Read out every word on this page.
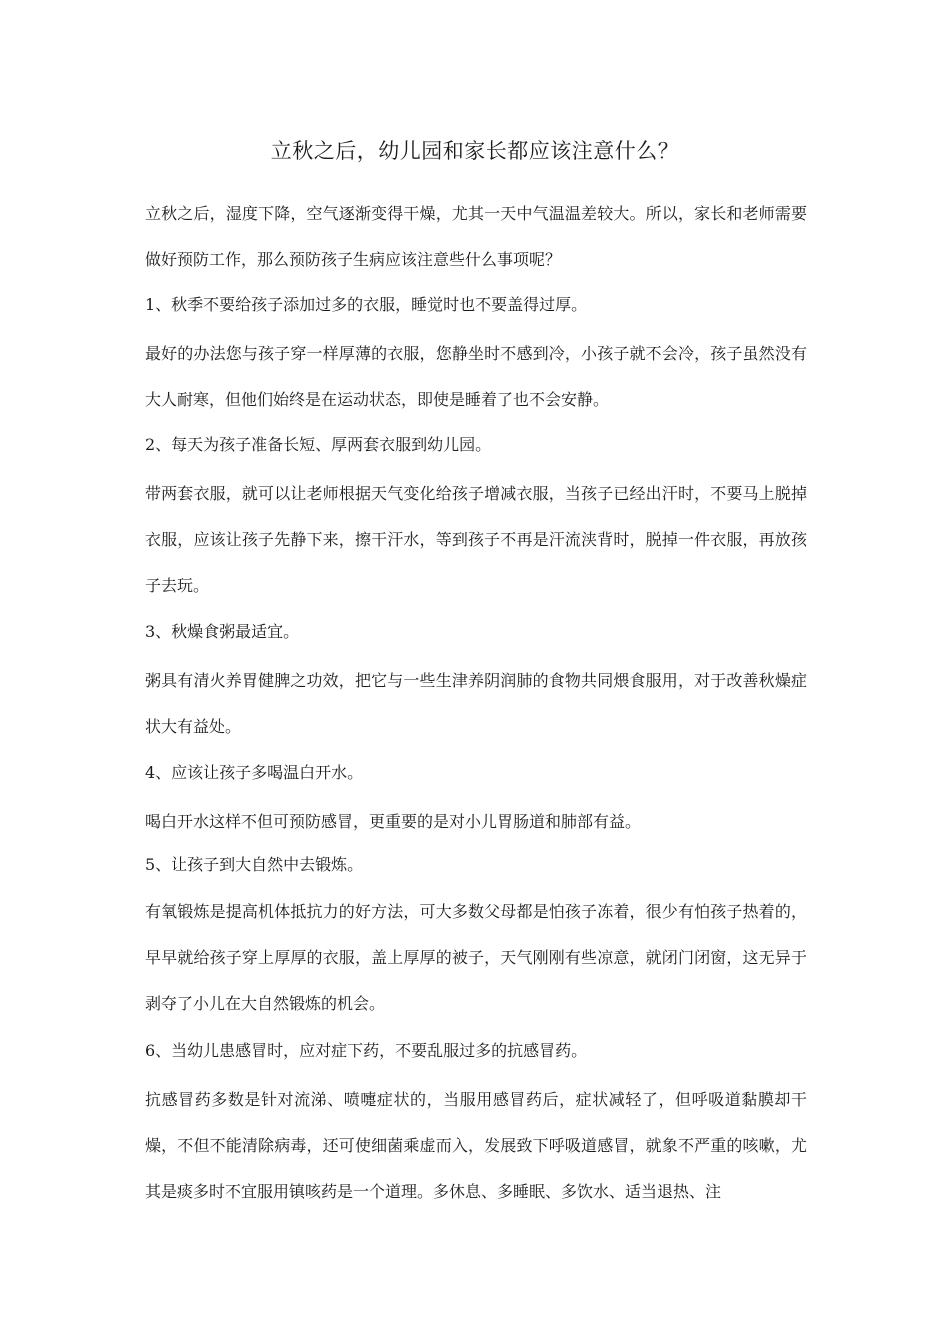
立秋之后，幼儿园和家长都应该注意什么？

立秋之后，湿度下降，空气逐渐变得干燥，尤其一天中气温温差较大。所以，家长和老师需要做好预防工作，那么预防孩子生病应该注意些什么事项呢？

1、秋季不要给孩子添加过多的衣服，睡觉时也不要盖得过厚。

最好的办法您与孩子穿一样厚薄的衣服，您静坐时不感到冷，小孩子就不会冷，孩子虽然没有大人耐寒，但他们始终是在运动状态，即使是睡着了也不会安静。

2、每天为孩子准备长短、厚两套衣服到幼儿园。

带两套衣服，就可以让老师根据天气变化给孩子增减衣服，当孩子已经出汗时，不要马上脱掉衣服，应该让孩子先静下来，擦干汗水，等到孩子不再是汗流浃背时，脱掉一件衣服，再放孩子去玩。

3、秋燥食粥最适宜。

粥具有清火养胃健脾之功效，把它与一些生津养阴润肺的食物共同煨食服用，对于改善秋燥症状大有益处。

4、应该让孩子多喝温白开水。

喝白开水这样不但可预防感冒，更重要的是对小儿胃肠道和肺部有益。

5、让孩子到大自然中去锻炼。

有氧锻炼是提高机体抵抗力的好方法，可大多数父母都是怕孩子冻着，很少有怕孩子热着的，早早就给孩子穿上厚厚的衣服，盖上厚厚的被子，天气刚刚有些凉意，就闭门闭窗，这无异于剥夺了小儿在大自然锻炼的机会。

6、当幼儿患感冒时，应对症下药，不要乱服过多的抗感冒药。

抗感冒药多数是针对流涕、喷嚏症状的，当服用感冒药后，症状减轻了，但呼吸道黏膜却干燥，不但不能清除病毒，还可使细菌乘虚而入，发展致下呼吸道感冒，就象不严重的咳嗽，尤其是痰多时不宜服用镇咳药是一个道理。多休息、多睡眠、多饮水、适当退热、注
